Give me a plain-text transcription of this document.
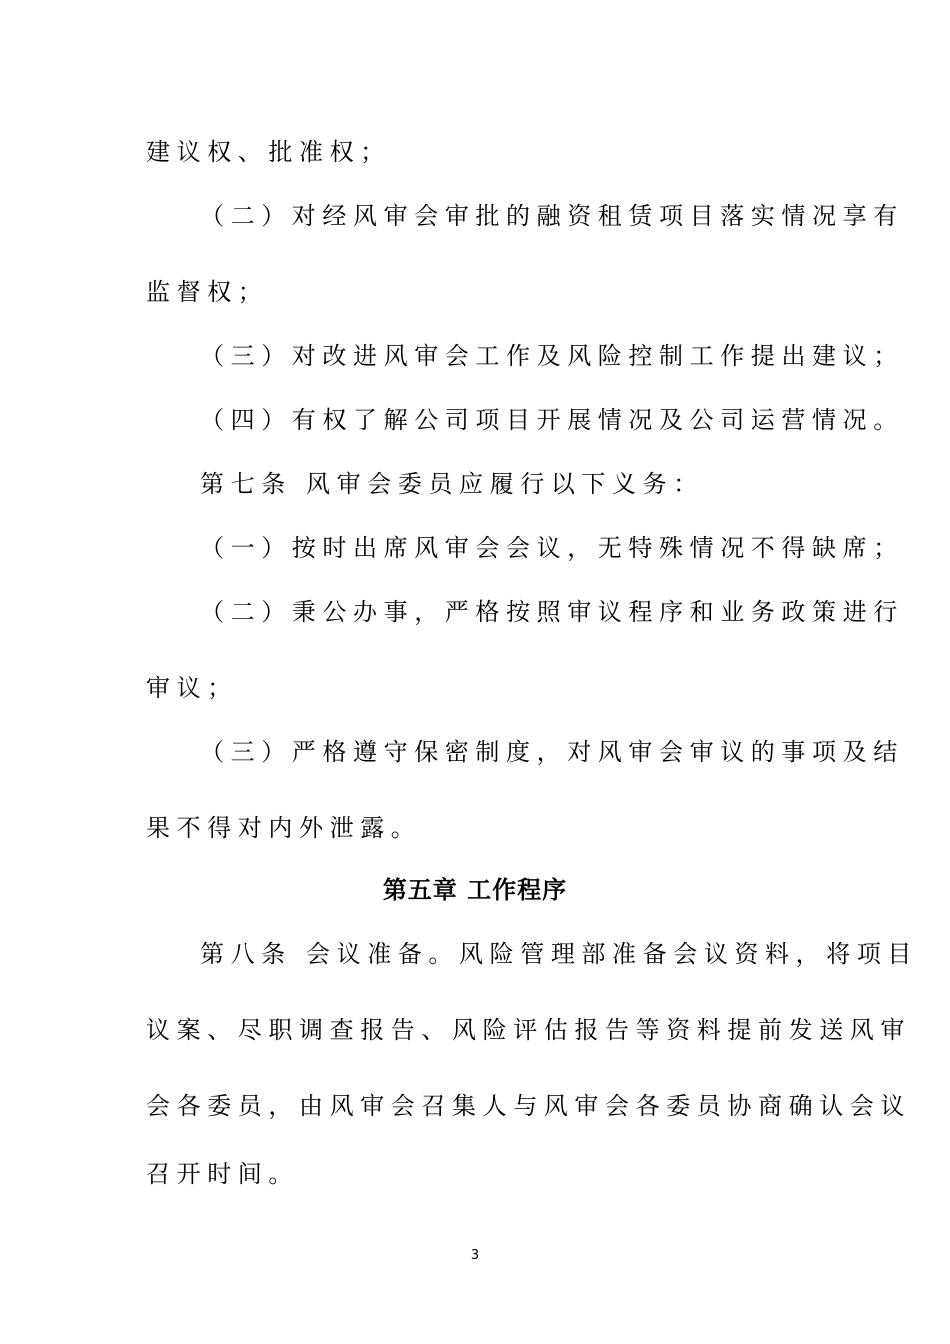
建议权、批准权；
（二）对经风审会审批的融资租赁项目落实情况享有
监督权；
（三）对改进风审会工作及风险控制工作提出建议；
（四）有权了解公司项目开展情况及公司运营情况。
第七条 风审会委员应履行以下义务：
（一）按时出席风审会会议，无特殊情况不得缺席；
（二）秉公办事，严格按照审议程序和业务政策进行
审议；
（三）严格遵守保密制度，对风审会审议的事项及结
果不得对内外泄露。
第五章 工作程序
第八条 会议准备。风险管理部准备会议资料，将项目
议案、尽职调查报告、风险评估报告等资料提前发送风审
会各委员，由风审会召集人与风审会各委员协商确认会议
召开时间。
3
